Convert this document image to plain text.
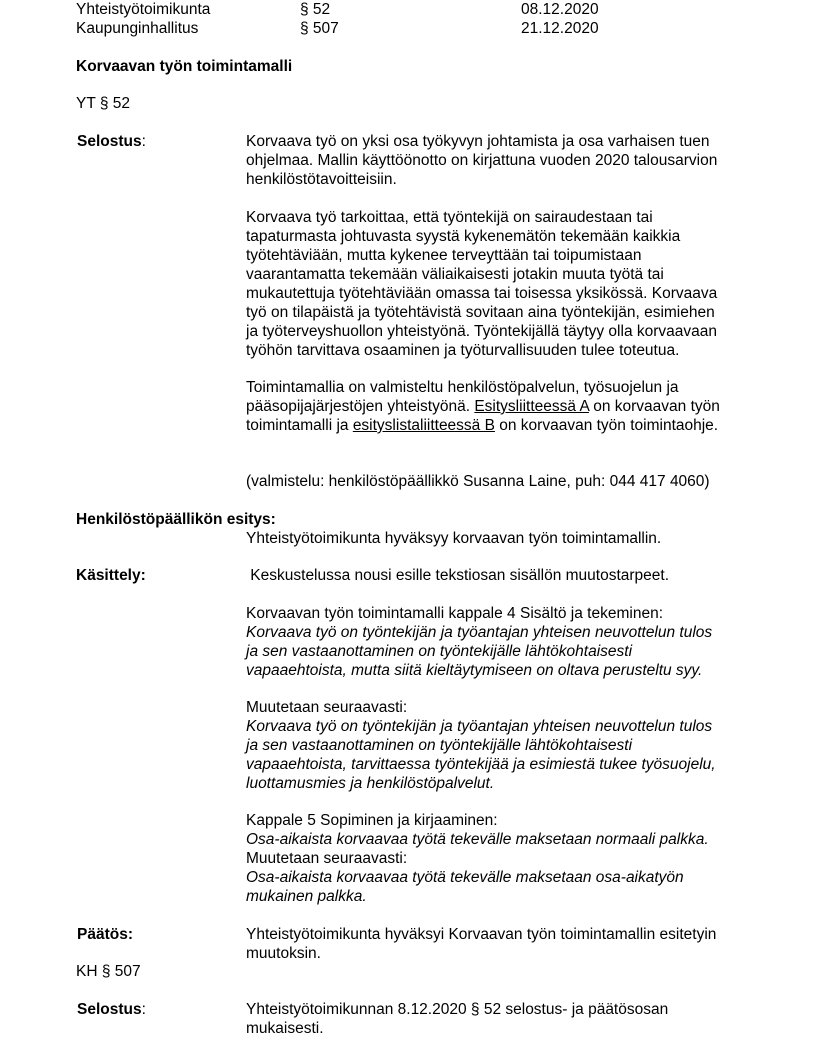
Yhteistyötoimikunta	§ 52	08.12.2020
Kaupunginhallitus	§ 507	21.12.2020
Korvaavan työn toimintamalli
YT § 52
Selostus:	Korvaava työ on yksi osa työkyvyn johtamista ja osa varhaisen tuen
ohjelmaa. Mallin käyttöönotto on kirjattuna vuoden 2020 talousarvion
henkilöstötavoitteisiin.
Korvaava työ tarkoittaa, että työntekijä on sairaudestaan tai
tapaturmasta johtuvasta syystä kykenemätön tekemään kaikkia
työtehtäviään, mutta kykenee terveyttään tai toipumistaan
vaarantamatta tekemään väliaikaisesti jotakin muuta työtä tai
mukautettuja työtehtäviään omassa tai toisessa yksikössä. Korvaava
työ on tilapäistä ja työtehtävistä sovitaan aina työntekijän, esimiehen
ja työterveyshuollon yhteistyönä. Työntekijällä täytyy olla korvaavaan
työhön tarvittava osaaminen ja työturvallisuuden tulee toteutua.
Toimintamallia on valmisteltu henkilöstöpalvelun, työsuojelun ja
pääsopijajärjestöjen yhteistyönä. Esitysliitteessä A on korvaavan työn
toimintamalli ja esityslistaliitteessä B on korvaavan työn toimintaohje.
(valmistelu: henkilöstöpäällikkö Susanna Laine, puh: 044 417 4060)
Henkilöstöpäällikön esitys:
Yhteistyötoimikunta hyväksyy korvaavan työn toimintamallin.
Käsittely:	Keskustelussa nousi esille tekstiosan sisällön muutostarpeet.
Korvaavan työn toimintamalli kappale 4 Sisältö ja tekeminen:
Korvaava työ on työntekijän ja työantajan yhteisen neuvottelun tulos
ja sen vastaanottaminen on työntekijälle lähtökohtaisesti
vapaaehtoista, mutta siitä kieltäytymiseen on oltava perusteltu syy.
Muutetaan seuraavasti:
Korvaava työ on työntekijän ja työantajan yhteisen neuvottelun tulos
ja sen vastaanottaminen on työntekijälle lähtökohtaisesti
vapaaehtoista, tarvittaessa työntekijää ja esimiestä tukee työsuojelu,
luottamusmies ja henkilöstöpalvelut.
Kappale 5 Sopiminen ja kirjaaminen:
Osa-aikaista korvaavaa työtä tekevälle maksetaan normaali palkka.
Muutetaan seuraavasti:
Osa-aikaista korvaavaa työtä tekevälle maksetaan osa-aikatyön
mukainen palkka.
Päätös:	Yhteistyötoimikunta hyväksyi Korvaavan työn toimintamallin esitetyin
muutoksin.
KH § 507
Selostus:	Yhteistyötoimikunnan 8.12.2020 § 52 selostus- ja päätösosan
mukaisesti.
